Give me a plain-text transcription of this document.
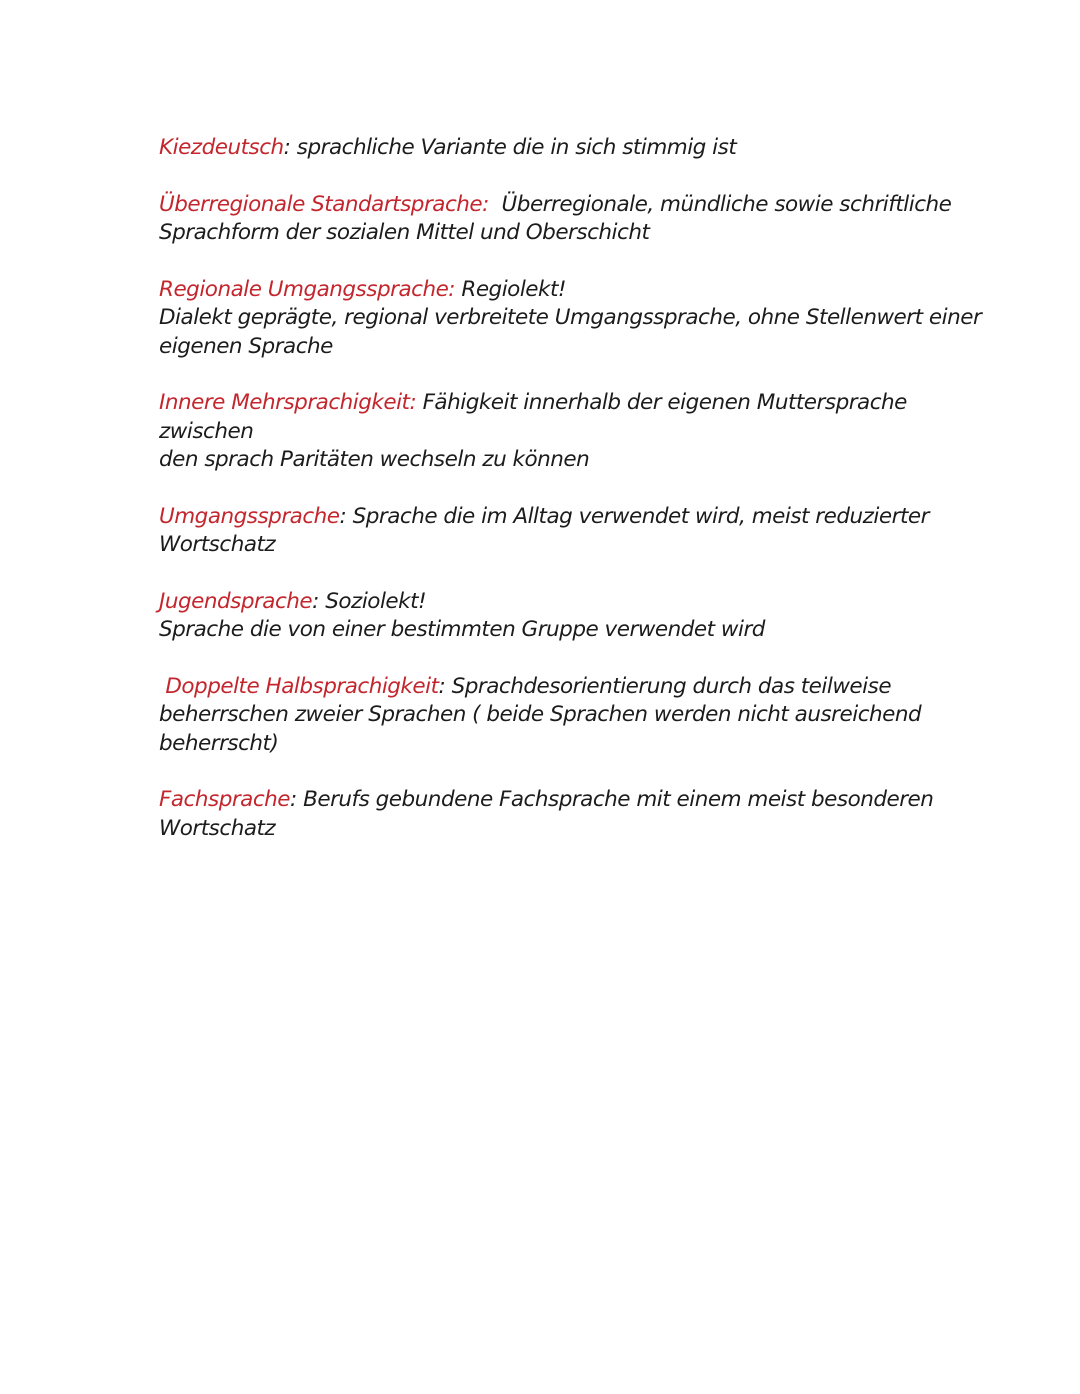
Kiezdeutsch: sprachliche Variante die in sich stimmig ist

Überregionale Standartsprache:  Überregionale, mündliche sowie schriftliche
Sprachform der sozialen Mittel und Oberschicht

Regionale Umgangssprache: Regiolekt!
Dialekt geprägte, regional verbreitete Umgangssprache, ohne Stellenwert einer
eigenen Sprache

Innere Mehrsprachigkeit: Fähigkeit innerhalb der eigenen Muttersprache zwischen
den sprach Paritäten wechseln zu können

Umgangssprache: Sprache die im Alltag verwendet wird, meist reduzierter
Wortschatz

Jugendsprache: Soziolekt!
Sprache die von einer bestimmten Gruppe verwendet wird

Doppelte Halbsprachigkeit: Sprachdesorientierung durch das teilweise
beherrschen zweier Sprachen ( beide Sprachen werden nicht ausreichend
beherrscht)

Fachsprache: Berufs gebundene Fachsprache mit einem meist besonderen
Wortschatz
